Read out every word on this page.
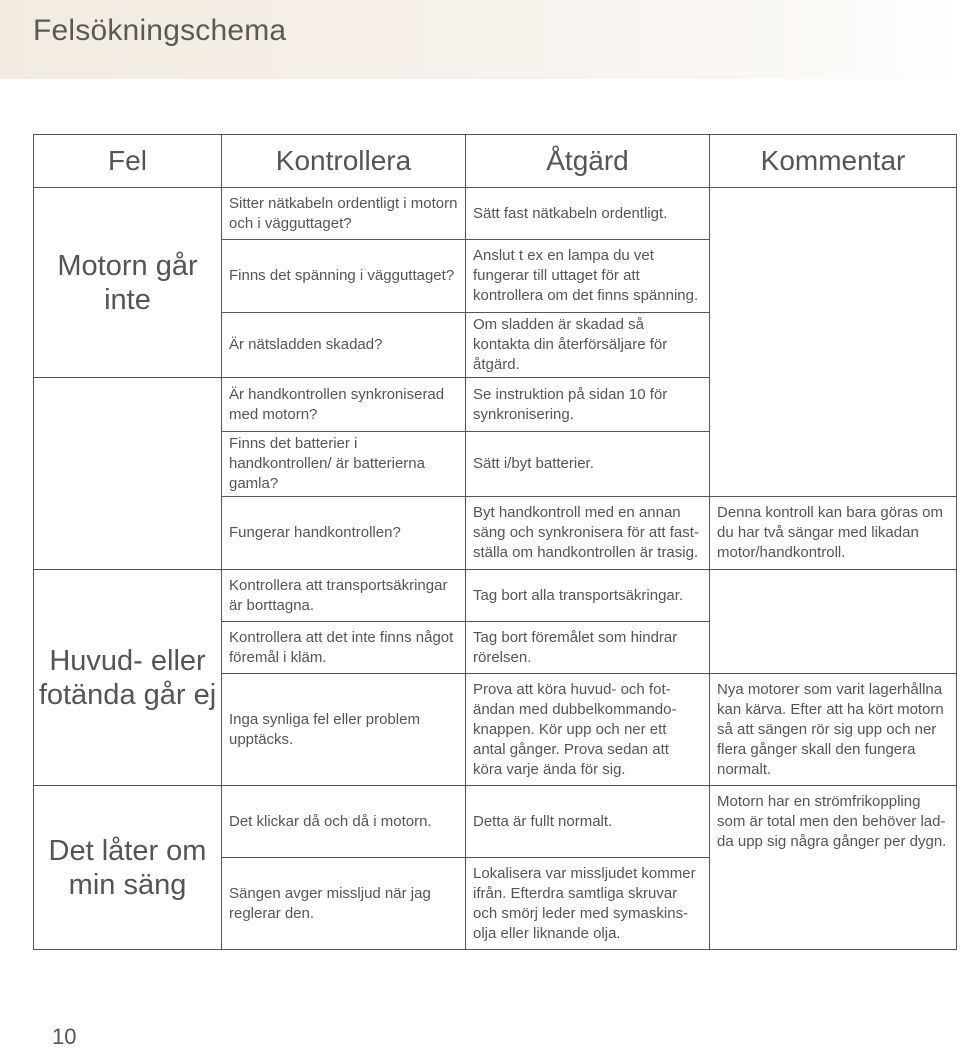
Felsökningschema
Fel	Kontrollera	Åtgärd	Kommentar
Motorn går inte	Sitter nätkabeln ordentligt i motorn och i vägguttaget?	Sätt fast nätkabeln ordentligt.	
	Finns det spänning i vägguttaget?	Anslut t ex en lampa du vet fungerar till uttaget för att kontrollera om det finns spänning.	
	Är nätsladden skadad?	Om sladden är skadad så kontakta din återförsäljare för åtgärd.	
	Är handkontrollen synkroniserad med motorn?	Se instruktion på sidan 10 för synkronisering.	
	Finns det batterier i handkontrollen/ är batterierna gamla?	Sätt i/byt batterier.	
	Fungerar handkontrollen?	Byt handkontroll med en annan säng och synkronisera för att fast- ställa om handkontrollen är trasig.	Denna kontroll kan bara göras om du har två sängar med likadan motor/handkontroll.
Huvud- eller fotända går ej	Kontrollera att transportsäkringar är borttagna.	Tag bort alla transportsäkringar.	
	Kontrollera att det inte finns något föremål i kläm.	Tag bort föremålet som hindrar rörelsen.	
	Inga synliga fel eller problem upptäcks.	Prova att köra huvud- och fot- ändan med dubbelkommando- knappen. Kör upp och ner ett antal gånger. Prova sedan att köra varje ända för sig.	Nya motorer som varit lagerhållna kan kärva. Efter att ha kört motorn så att sängen rör sig upp och ner flera gånger skall den fungera normalt.
Det låter om min säng	Det klickar då och då i motorn.	Detta är fullt normalt.	Motorn har en strömfrikoppling som är total men den behöver lad- da upp sig några gånger per dygn.
	Sängen avger missljud när jag reglerar den.	Lokalisera var missljudet kommer ifrån. Efterdra samtliga skruvar och smörj leder med symaskins- olja eller liknande olja.	
10
